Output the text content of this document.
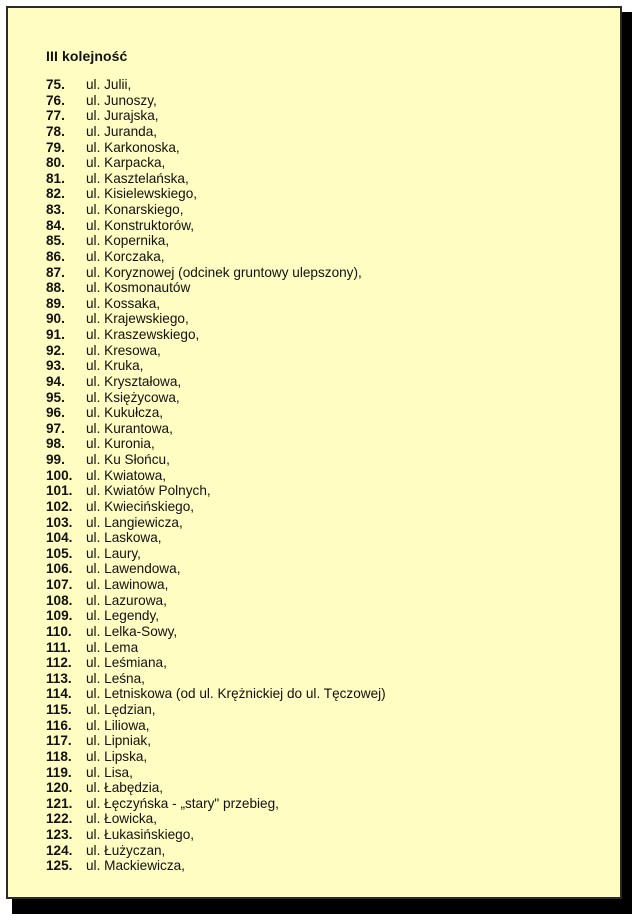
III kolejność
75.	ul. Julii,
76.	ul. Junoszy,
77.	ul. Jurajska,
78.	ul. Juranda,
79.	ul. Karkonoska,
80.	ul. Karpacka,
81.	ul. Kasztelańska,
82.	ul. Kisielewskiego,
83.	ul. Konarskiego,
84.	ul. Konstruktorów,
85.	ul. Kopernika,
86.	ul. Korczaka,
87.	ul. Koryznowej (odcinek gruntowy ulepszony),
88.	ul. Kosmonautów
89.	ul. Kossaka,
90.	ul. Krajewskiego,
91.	ul. Kraszewskiego,
92.	ul. Kresowa,
93.	ul. Kruka,
94.	ul. Kryształowa,
95.	ul. Księżycowa,
96.	ul. Kukułcza,
97.	ul. Kurantowa,
98.	ul. Kuronia,
99.	ul. Ku Słońcu,
100. ul. Kwiatowa,
101. ul. Kwiatów Polnych,
102. ul. Kwiecińskiego,
103. ul. Langiewicza,
104. ul. Laskowa,
105. ul. Laury,
106. ul. Lawendowa,
107. ul. Lawinowa,
108. ul. Lazurowa,
109. ul. Legendy,
110.	ul. Lelka-Sowy,
111.	ul. Lema
112.	ul. Leśmiana,
113.	ul. Leśna,
114.	ul. Letniskowa (od ul. Krężnickiej do ul. Tęczowej)
115.	ul. Lędzian,
116.	ul. Liliowa,
117.	ul. Lipniak,
118.	ul. Lipska,
119.	ul. Lisa,
120. ul. Łabędzia,
121. ul. Łęczyńska - „stary" przebieg,
122. ul. Łowicka,
123. ul. Łukasińskiego,
124. ul. Łużyczan,
125. ul. Mackiewicza,
